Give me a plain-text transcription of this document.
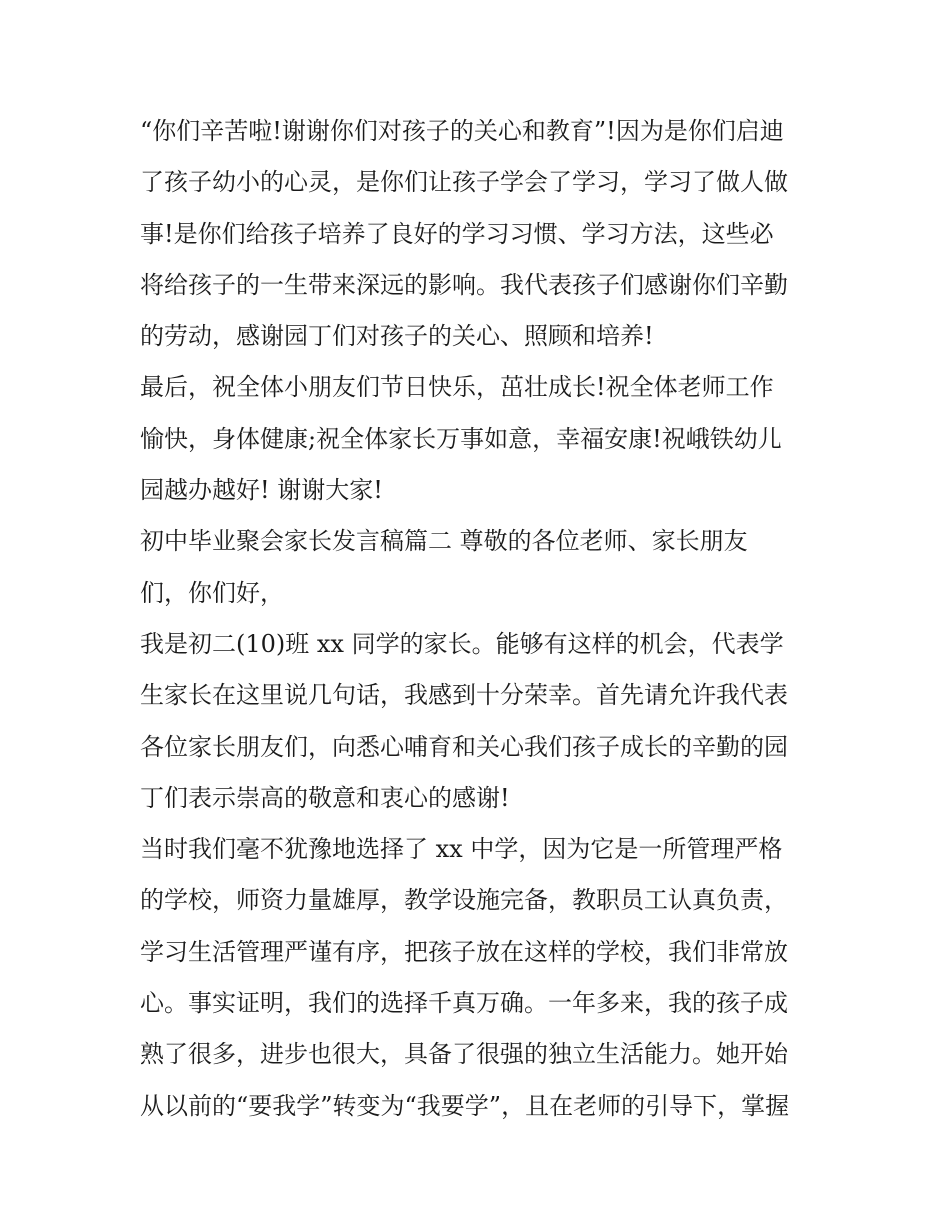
“你们辛苦啦!谢谢你们对孩子的关心和教育”!因为是你们启迪
了孩子幼小的心灵，是你们让孩子学会了学习，学习了做人做
事!是你们给孩子培养了良好的学习习惯、学习方法，这些必
将给孩子的一生带来深远的影响。我代表孩子们感谢你们辛勤
的劳动，感谢园丁们对孩子的关心、照顾和培养!
最后，祝全体小朋友们节日快乐，茁壮成长!祝全体老师工作
愉快，身体健康;祝全体家长万事如意，幸福安康!祝峨铁幼儿
园越办越好! 谢谢大家!
初中毕业聚会家长发言稿篇二 尊敬的各位老师、家长朋友
们，你们好，
我是初二(10)班 xx 同学的家长。能够有这样的机会，代表学
生家长在这里说几句话，我感到十分荣幸。首先请允许我代表
各位家长朋友们，向悉心哺育和关心我们孩子成长的辛勤的园
丁们表示崇高的敬意和衷心的感谢!
当时我们毫不犹豫地选择了 xx 中学，因为它是一所管理严格
的学校，师资力量雄厚，教学设施完备，教职员工认真负责，
学习生活管理严谨有序，把孩子放在这样的学校，我们非常放
心。事实证明，我们的选择千真万确。一年多来，我的孩子成
熟了很多，进步也很大，具备了很强的独立生活能力。她开始
从以前的“要我学”转变为“我要学”，且在老师的引导下，掌握
